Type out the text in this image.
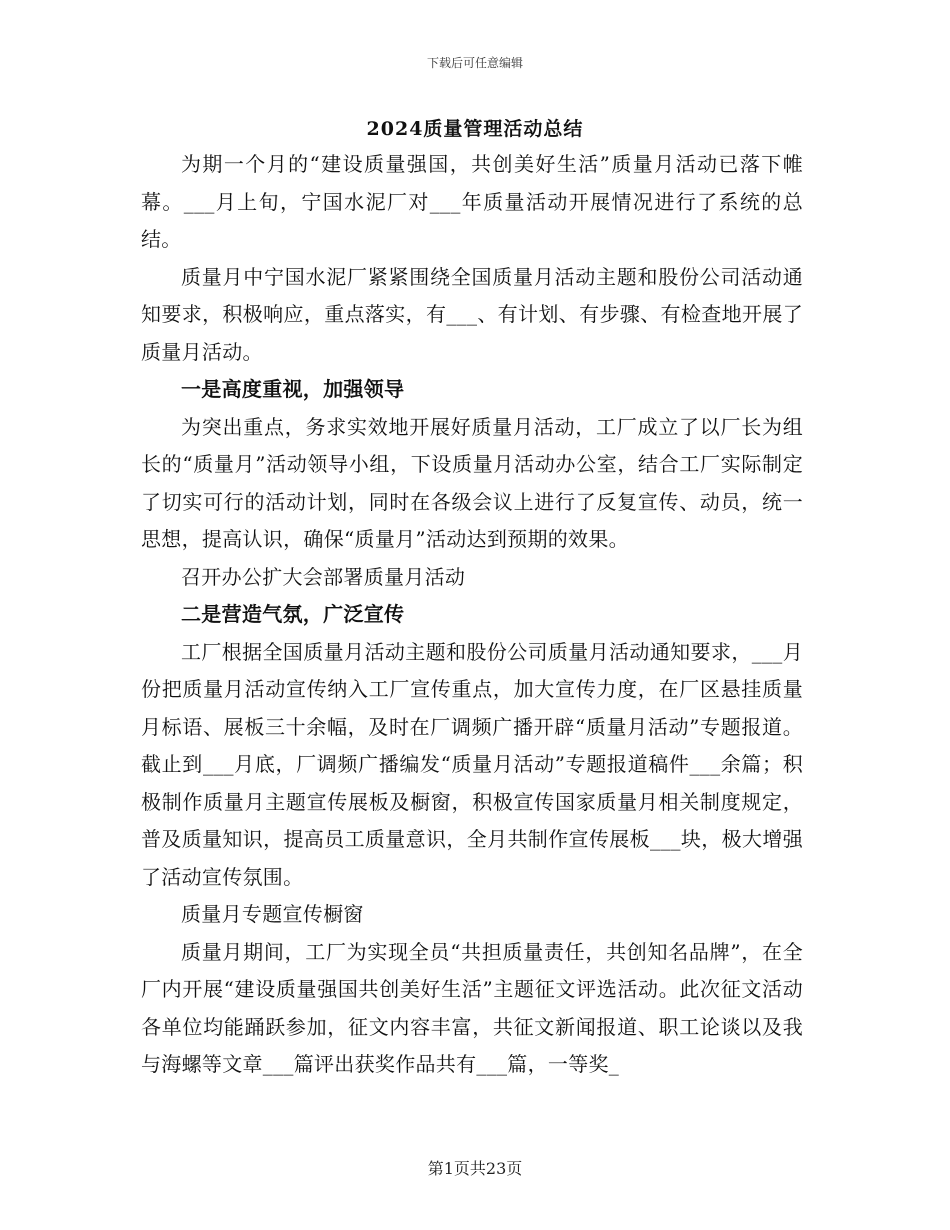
下载后可任意编辑
2024质量管理活动总结

为期一个月的“建设质量强国，共创美好生活”质量月活动已落下帷幕。___月上旬，宁国水泥厂对___年质量活动开展情况进行了系统的总结。

质量月中宁国水泥厂紧紧围绕全国质量月活动主题和股份公司活动通知要求，积极响应，重点落实，有___、有计划、有步骤、有检查地开展了质量月活动。

一是高度重视，加强领导

为突出重点，务求实效地开展好质量月活动，工厂成立了以厂长为组长的“质量月”活动领导小组，下设质量月活动办公室，结合工厂实际制定了切实可行的活动计划，同时在各级会议上进行了反复宣传、动员，统一思想，提高认识，确保“质量月”活动达到预期的效果。

召开办公扩大会部署质量月活动

二是营造气氛，广泛宣传

工厂根据全国质量月活动主题和股份公司质量月活动通知要求，___月份把质量月活动宣传纳入工厂宣传重点，加大宣传力度，在厂区悬挂质量月标语、展板三十余幅，及时在厂调频广播开辟“质量月活动”专题报道。截止到___月底，厂调频广播编发“质量月活动”专题报道稿件___余篇；积极制作质量月主题宣传展板及橱窗，积极宣传国家质量月相关制度规定，普及质量知识，提高员工质量意识，全月共制作宣传展板___块，极大增强了活动宣传氛围。

质量月专题宣传橱窗

质量月期间，工厂为实现全员“共担质量责任，共创知名品牌”，在全厂内开展“建设质量强国共创美好生活”主题征文评选活动。此次征文活动各单位均能踊跃参加，征文内容丰富，共征文新闻报道、职工论谈以及我与海螺等文章___篇评出获奖作品共有___篇，一等奖_

第1页共23页
